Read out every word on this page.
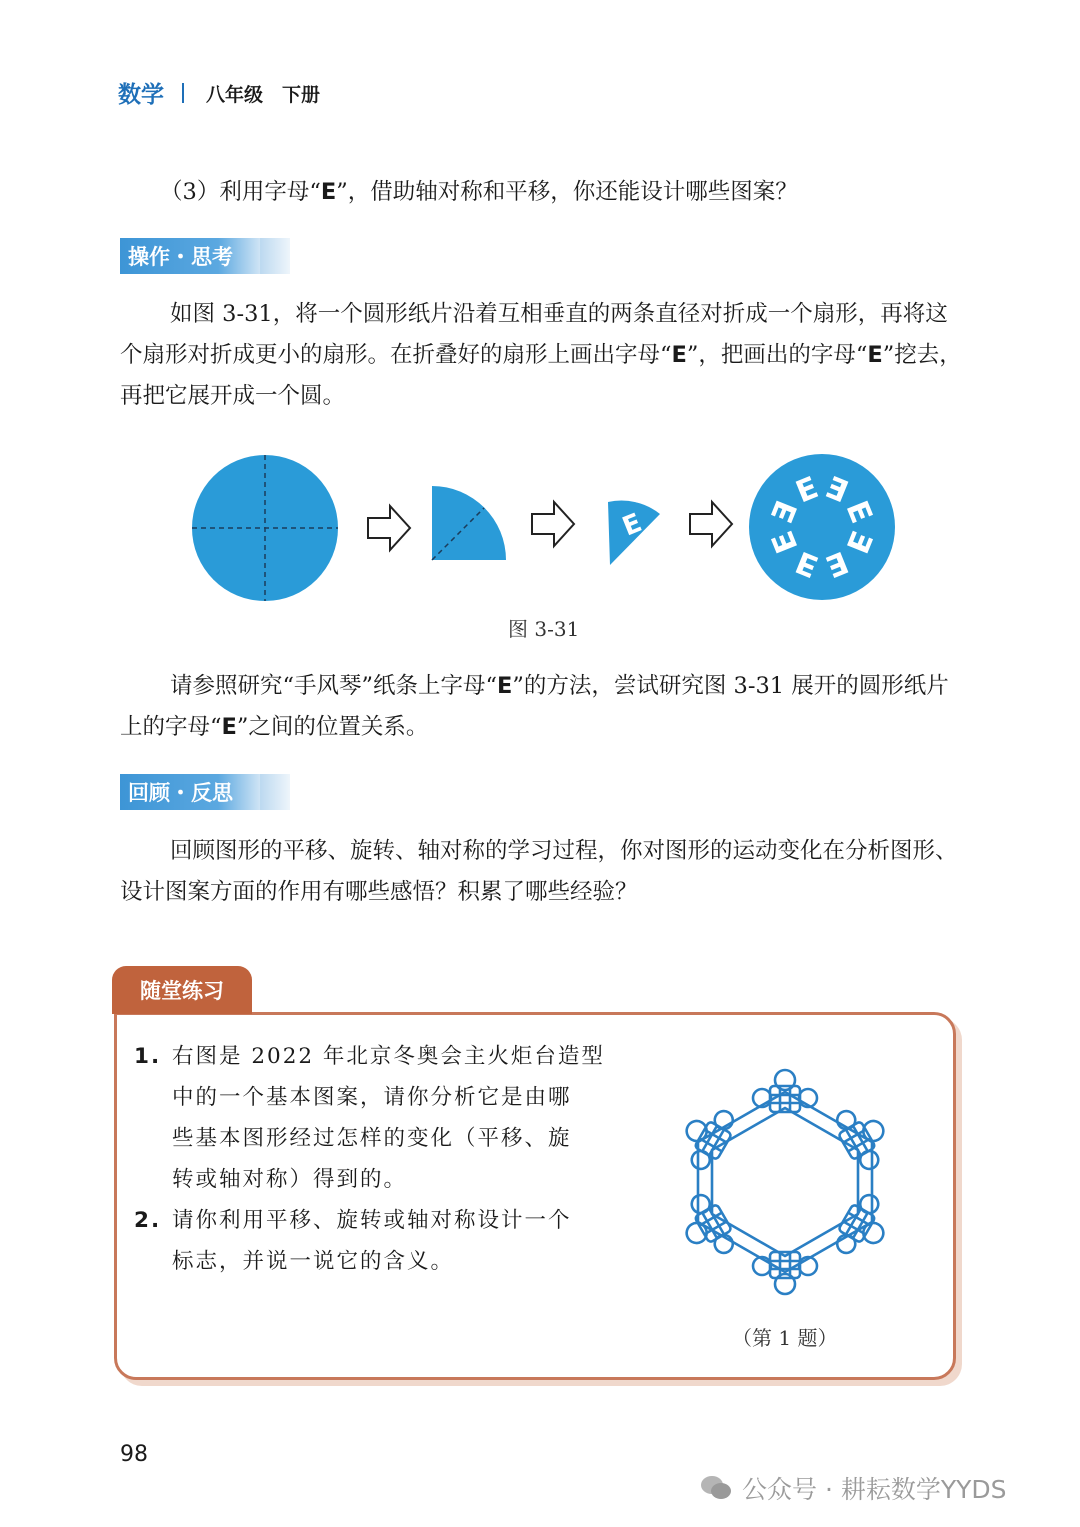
数学 八年级　下册
（3）利用字母“E”，借助轴对称和平移，你还能设计哪些图案？
操作・思考
如图 3-31，将一个圆形纸片沿着互相垂直的两条直径对折成一个扇形，再将这个扇形对折成更小的扇形。在折叠好的扇形上画出字母“E”，把画出的字母“E”挖去，再把它展开成一个圆。
E
E
E
E
E
E
E
E
E
图 3-31
请参照研究“手风琴”纸条上字母“E”的方法，尝试研究图 3-31 展开的圆形纸片上的字母“E”之间的位置关系。
回顾・反思
回顾图形的平移、旋转、轴对称的学习过程，你对图形的运动变化在分析图形、设计图案方面的作用有哪些感悟？积累了哪些经验？
随堂练习
1. 右图是 2022 年北京冬奥会主火炬台造型
中的一个基本图案，请你分析它是由哪
些基本图形经过怎样的变化（平移、旋
转或轴对称）得到的。
2. 请你利用平移、旋转或轴对称设计一个
标志，并说一说它的含义。
（第 1 题）
98
公众号 · 耕耘数学YYDS
